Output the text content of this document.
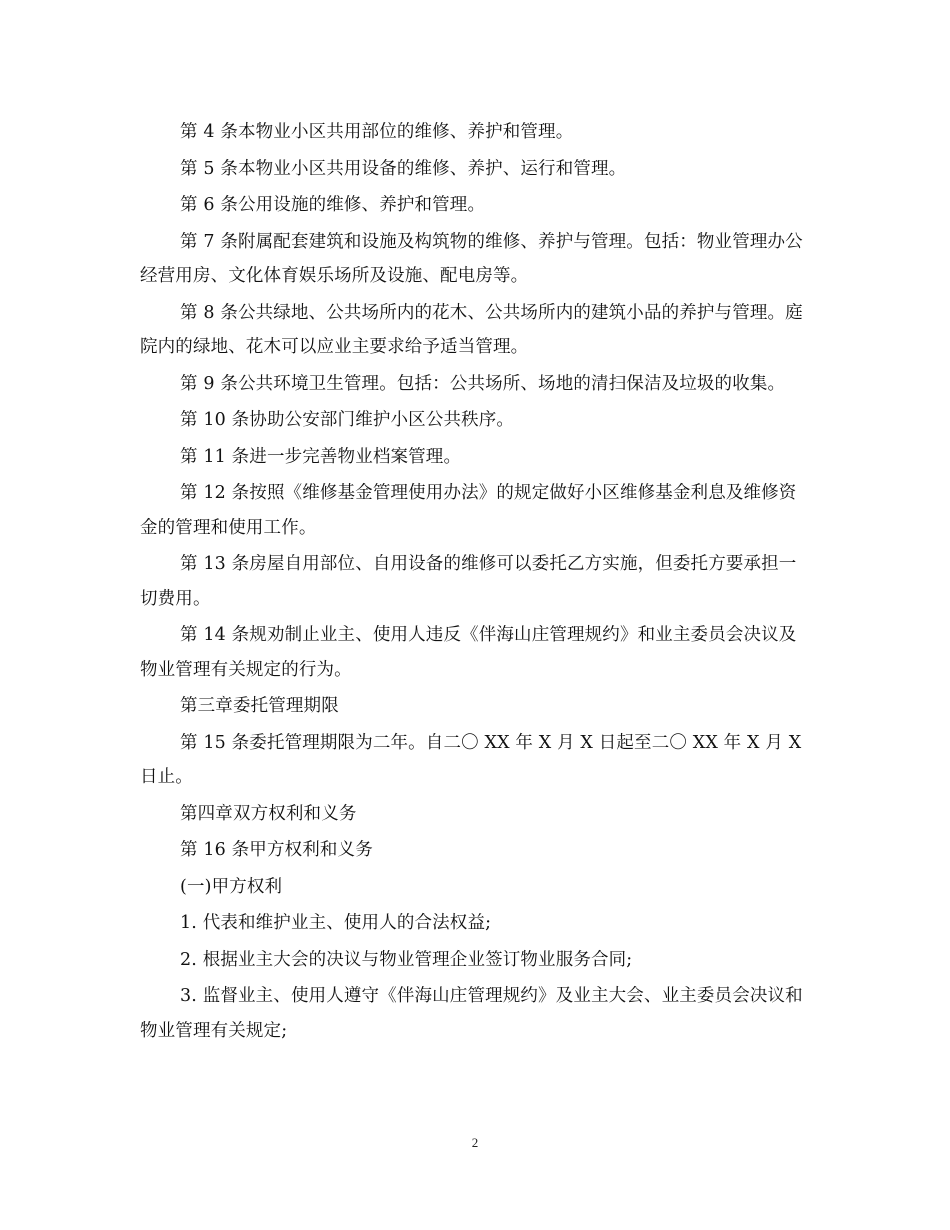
第 4 条本物业小区共用部位的维修、养护和管理。

第 5 条本物业小区共用设备的维修、养护、运行和管理。

第 6 条公用设施的维修、养护和管理。

第 7 条附属配套建筑和设施及构筑物的维修、养护与管理。包括：物业管理办公经营用房、文化体育娱乐场所及设施、配电房等。

第 8 条公共绿地、公共场所内的花木、公共场所内的建筑小品的养护与管理。庭院内的绿地、花木可以应业主要求给予适当管理。

第 9 条公共环境卫生管理。包括：公共场所、场地的清扫保洁及垃圾的收集。

第 10 条协助公安部门维护小区公共秩序。

第 11 条进一步完善物业档案管理。

第 12 条按照《维修基金管理使用办法》的规定做好小区维修基金利息及维修资金的管理和使用工作。

第 13 条房屋自用部位、自用设备的维修可以委托乙方实施，但委托方要承担一切费用。

第 14 条规劝制止业主、使用人违反《伴海山庄管理规约》和业主委员会决议及物业管理有关规定的行为。

第三章委托管理期限

第 15 条委托管理期限为二年。自二〇 XX 年 X 月 X 日起至二〇 XX 年 X 月 X 日止。

第四章双方权利和义务

第 16 条甲方权利和义务

(一)甲方权利

1. 代表和维护业主、使用人的合法权益;

2. 根据业主大会的决议与物业管理企业签订物业服务合同;

3. 监督业主、使用人遵守《伴海山庄管理规约》及业主大会、业主委员会决议和物业管理有关规定;

2
